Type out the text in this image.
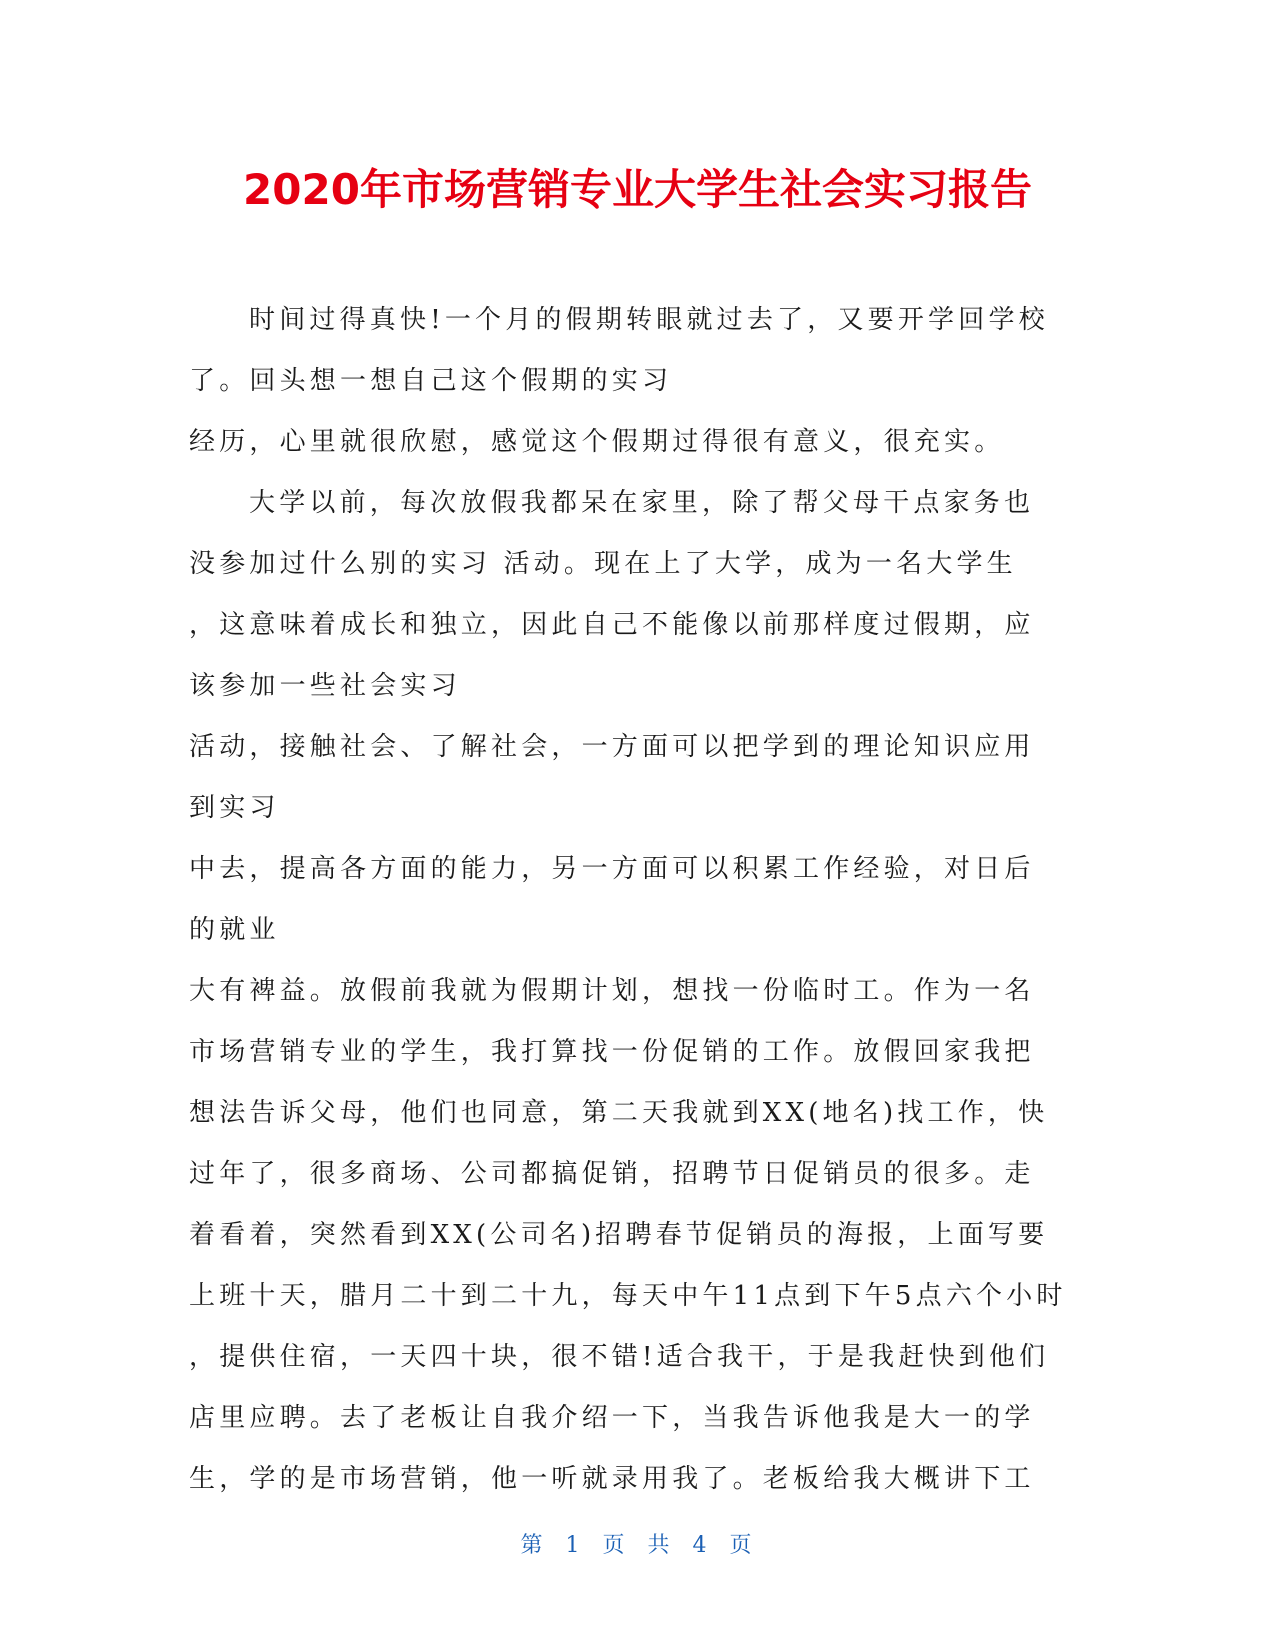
2020年市场营销专业大学生社会实习报告

时间过得真快!一个月的假期转眼就过去了，又要开学回学校

了。回头想一想自己这个假期的实习

经历，心里就很欣慰，感觉这个假期过得很有意义，很充实。

大学以前，每次放假我都呆在家里，除了帮父母干点家务也

没参加过什么别的实习 活动。现在上了大学，成为一名大学生

，这意味着成长和独立，因此自己不能像以前那样度过假期，应

该参加一些社会实习

活动，接触社会、了解社会，一方面可以把学到的理论知识应用

到实习

中去，提高各方面的能力，另一方面可以积累工作经验，对日后

的就业

大有裨益。放假前我就为假期计划，想找一份临时工。作为一名

市场营销专业的学生，我打算找一份促销的工作。放假回家我把

想法告诉父母，他们也同意，第二天我就到XX(地名)找工作，快

过年了，很多商场、公司都搞促销，招聘节日促销员的很多。走

着看着，突然看到XX(公司名)招聘春节促销员的海报，上面写要

上班十天，腊月二十到二十九，每天中午11点到下午5点六个小时

，提供住宿，一天四十块，很不错!适合我干，于是我赶快到他们

店里应聘。去了老板让自我介绍一下，当我告诉他我是大一的学

生，学的是市场营销，他一听就录用我了。老板给我大概讲下工

第 1 页 共 4 页
